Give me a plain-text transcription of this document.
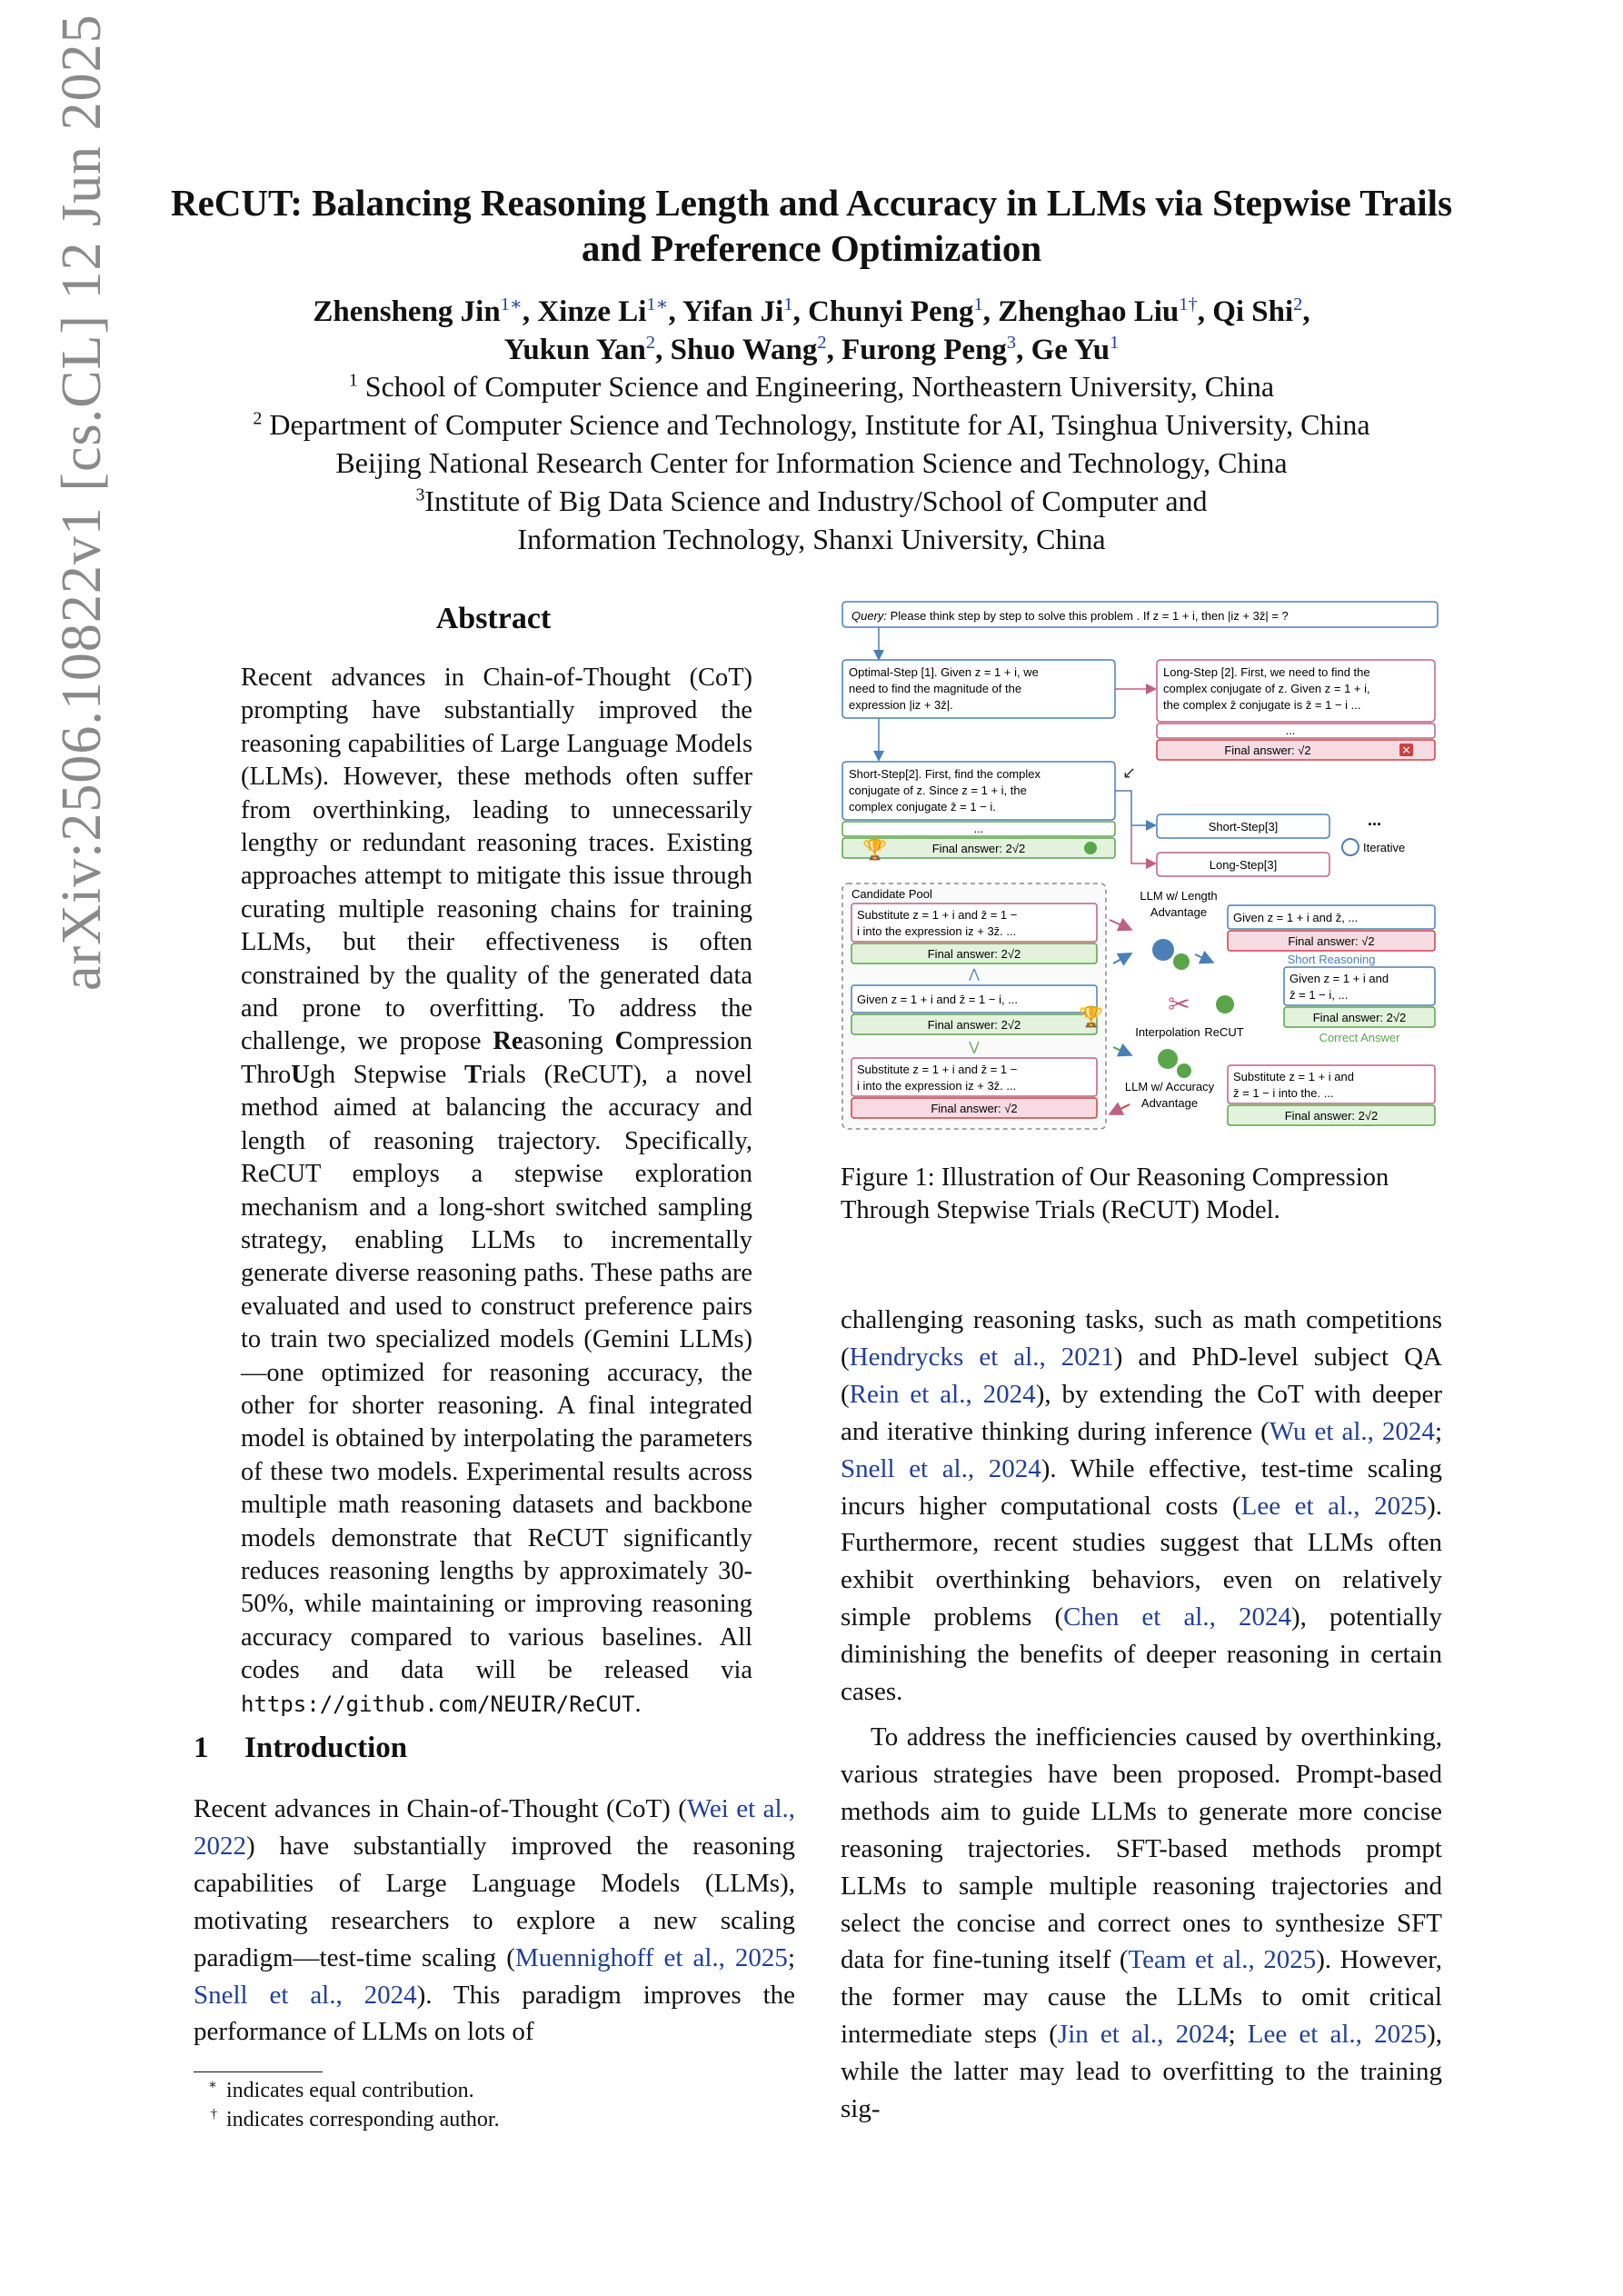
arXiv:2506.10822v1 [cs.CL] 12 Jun 2025	ReCUT: Balancing Reasoning Length and Accuracy in LLMs via Stepwise Trails and Preference Optimization
Zhensheng Jin$^{1∗}$, Xinze $Li^{1∗}$, Yifan Ji$^1$, Chunyi Peng$^1$, Zhenghao Liu$^{1\dagger}$, Qi Shi$^2$,
Yukun Yan$^2$, Shuo Wang$^2$, Furong Peng$^3$, Ge Yu$^1$
$^1$ School of Computer Science and Engineering, Northeastern University, China
$^2$ Department of Computer Science and Technology, Institute for AI, Tsinghua University, China
Beijing National Research Center for Information Science and Technology, China
$^3$Institute of Big Data Science and Industry/School of Computer and
Information Technology, Shanxi University, China
Abstract
Recent advances in Chain-of-Thought (CoT) prompting have substantially improved the reasoning capabilities of Large Language Models (LLMs). However, these methods often suffer from overthinking, leading to unnecessarily lengthy or redundant reasoning traces. Existing approaches attempt to mitigate this issue through curating multiple reasoning chains for training LLMs, but their effectiveness is often constrained by the quality of the generated data and prone to overfitting. To address the challenge, we propose Reasoning Compression ThroUgh Stepwise Trials (ReCUT), a novel method aimed at balancing the accuracy and length of reasoning trajectory. Specifically, ReCUT employs a stepwise exploration mechanism and a long-short switched sampling strategy, enabling LLMs to incrementally generate diverse reasoning paths. These paths are evaluated and used to construct preference pairs to train two specialized models (Gemini LLMs)—one optimized for reasoning accuracy, the other for shorter reasoning. A final integrated model is obtained by interpolating the parameters of these two models. Experimental results across multiple math reasoning datasets and backbone models demonstrate that ReCUT significantly reduces reasoning lengths by approximately 30-50%, while maintaining or improving reasoning accuracy compared to various baselines. All codes and data will be released via https://github.com/NEUIR/ReCUT.
1 Introduction
Recent advances in Chain-of-Thought (CoT) (Wei et al., 2022) have substantially improved the reasoning capabilities of Large Language Models (LLMs), motivating researchers to explore a new scaling paradigm—test-time scaling (Muennighoff et al., 2025; Snell et al., 2024). This paradigm improves the performance of LLMs on lots of
∗ indicates equal contribution.
† indicates corresponding author.
Query: Please think step by step to solve this problem . If z = 1 + i, then |iz + 3z̄| = ?
Optimal-Step [1]. Given z = 1 + i, we need to find the magnitude of the expression |iz + 3z̄|.
Long-Step [2]. First, we need to find the complex conjugate of z. Given z = 1 + i, the complex z̄ conjugate is z̄ = 1 − i ...
...
Final answer: √2	✕
↙
Short-Step[2]. First, find the complex conjugate of z. Since z = 1 + i, the complex conjugate z̄ = 1 − i.
...
Final answer: 2√2
🏆
Short-Step[3]
Long-Step[3]
...
Iterative
Candidate Pool
Substitute z = 1 + i and z̄ = 1 − i into the expression iz + 3z̄. ...
Final answer: 2√2
⋀
Given z = 1 + i and z̄ = 1 − i, ...
Final answer: 2√2	🏆
⋁
Substitute z = 1 + i and z̄ = 1 − i into the expression iz + 3z̄. ...
Final answer: √2
LLM w/ Length Advantage
✂
Interpolation ReCUT
LLM w/ Accuracy Advantage
Given z = 1 + i and z̄, ...
Final answer: √2
Short Reasoning
Given z = 1 + i and z̄ = 1 − i, ...
Final answer: 2√2
Correct Answer
Substitute z = 1 + i and z̄ = 1 − i into the. ...
Final answer: 2√2
Figure 1: Illustration of Our Reasoning Compression Through Stepwise Trials (ReCUT) Model.

challenging reasoning tasks, such as math competitions (Hendrycks et al., 2021) and PhD-level subject QA (Rein et al., 2024), by extending the CoT with deeper and iterative thinking during inference (Wu et al., 2024; Snell et al., 2024). While effective, test-time scaling incurs higher computational costs (Lee et al., 2025). Furthermore, recent studies suggest that LLMs often exhibit overthinking behaviors, even on relatively simple problems (Chen et al., 2024), potentially diminishing the benefits of deeper reasoning in certain cases.

To address the inefficiencies caused by overthinking, various strategies have been proposed. Prompt-based methods aim to guide LLMs to generate more concise reasoning trajectories. SFT-based methods prompt LLMs to sample multiple reasoning trajectories and select the concise and correct ones to synthesize SFT data for fine-tuning itself (Team et al., 2025). However, the former may cause the LLMs to omit critical intermediate steps (Jin et al., 2024; Lee et al., 2025), while the latter may lead to overfitting to the training sig-
